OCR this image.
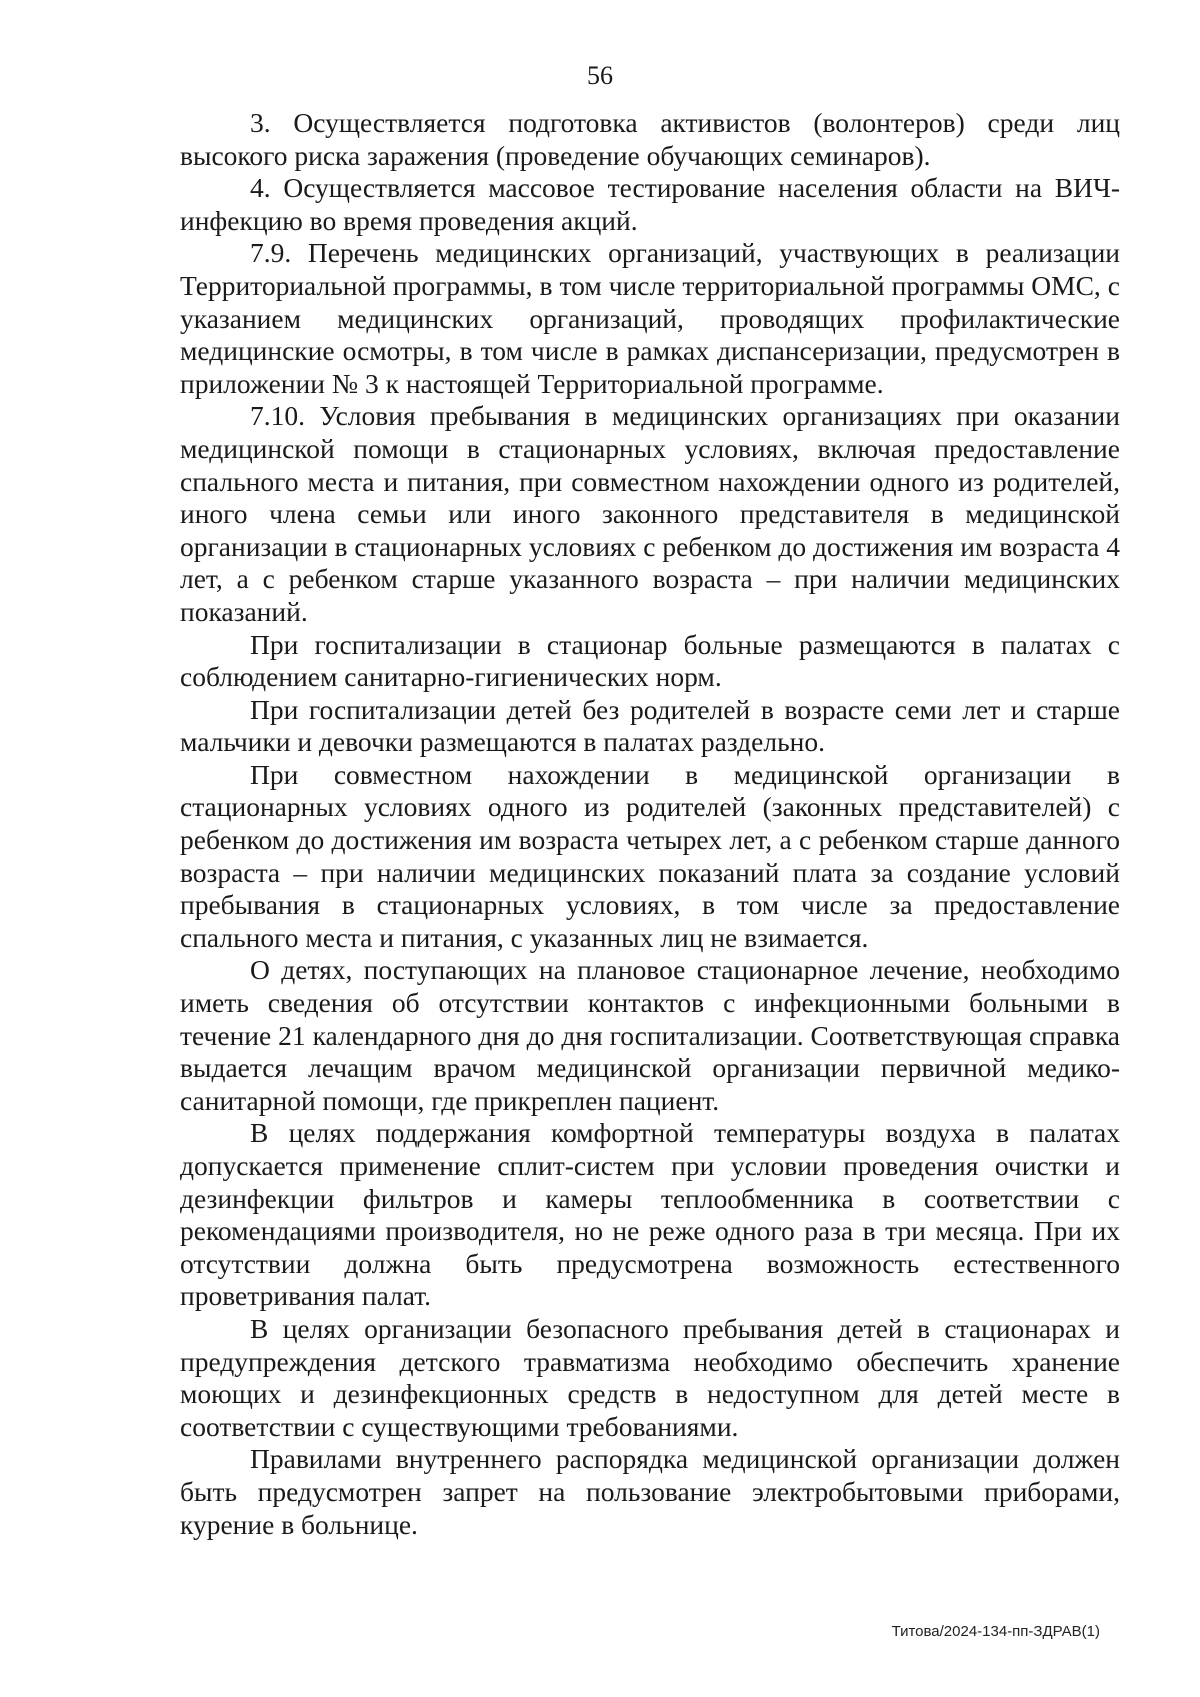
56

3. Осуществляется подготовка активистов (волонтеров) среди лиц высокого риска заражения (проведение обучающих семинаров).

4. Осуществляется массовое тестирование населения области на ВИЧ-инфекцию во время проведения акций.

7.9. Перечень медицинских организаций, участвующих в реализации Территориальной программы, в том числе территориальной программы ОМС, с указанием медицинских организаций, проводящих профилактические медицинские осмотры, в том числе в рамках диспансеризации, предусмотрен в приложении № 3 к настоящей Территориальной программе.

7.10. Условия пребывания в медицинских организациях при оказании медицинской помощи в стационарных условиях, включая предоставление спального места и питания, при совместном нахождении одного из родителей, иного члена семьи или иного законного представителя в медицинской организации в стационарных условиях с ребенком до достижения им возраста 4 лет, а с ребенком старше указанного возраста – при наличии медицинских показаний.

При госпитализации в стационар больные размещаются в палатах с соблюдением санитарно-гигиенических норм.

При госпитализации детей без родителей в возрасте семи лет и старше мальчики и девочки размещаются в палатах раздельно.

При совместном нахождении в медицинской организации в стационарных условиях одного из родителей (законных представителей) с ребенком до достижения им возраста четырех лет, а с ребенком старше данного возраста – при наличии медицинских показаний плата за создание условий пребывания в стационарных условиях, в том числе за предоставление спального места и питания, с указанных лиц не взимается.

О детях, поступающих на плановое стационарное лечение, необходимо иметь сведения об отсутствии контактов с инфекционными больными в течение 21 календарного дня до дня госпитализации. Соответствующая справка выдается лечащим врачом медицинской организации первичной медико-санитарной помощи, где прикреплен пациент.

В целях поддержания комфортной температуры воздуха в палатах допускается применение сплит-систем при условии проведения очистки и дезинфекции фильтров и камеры теплообменника в соответствии с рекомендациями производителя, но не реже одного раза в три месяца. При их отсутствии должна быть предусмотрена возможность естественного проветривания палат.

В целях организации безопасного пребывания детей в стационарах и предупреждения детского травматизма необходимо обеспечить хранение моющих и дезинфекционных средств в недоступном для детей месте в соответствии с существующими требованиями.

Правилами внутреннего распорядка медицинской организации должен быть предусмотрен запрет на пользование электробытовыми приборами, курение в больнице.

Титова/2024-134-пп-ЗДРАВ(1)
